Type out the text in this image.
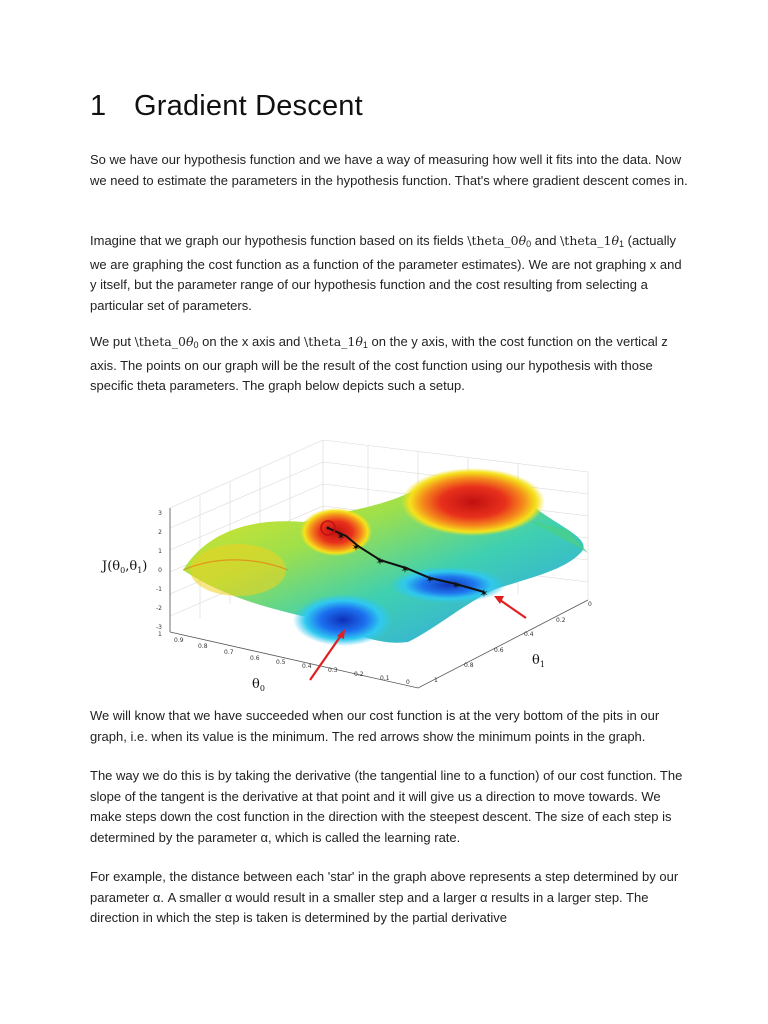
1 Gradient Descent

So we have our hypothesis function and we have a way of measuring how well it fits into the data. Now we need to estimate the parameters in the hypothesis function. That's where gradient descent comes in.

Imagine that we graph our hypothesis function based on its fields $\backslash theta\_0\theta_0$ and $\backslash theta\_1\theta_1$ (actually we are graphing the cost function as a function of the parameter estimates). We are not graphing x and y itself, but the parameter range of our hypothesis function and the cost resulting from selecting a particular set of parameters.

We put $\backslash theta\_0\theta_0$ on the x axis and $\backslash theta\_1\theta_1$ on the y axis, with the cost function on the vertical z axis. The points on our graph will be the result of the cost function using our hypothesis with those specific theta parameters. The graph below depicts such a setup.

✶
✶
✶
✶
✶ ✶
✶
3
2
1
0
-1
-2
-3
1
0.9
0.8
0.7
0.6
0.5
0.4
0.3
0.2
0.1
0
0
0.2
0.4
0.6
0.8
1
$J(\theta_0,\theta_1)$
$\theta_0$
$\theta_1$

We will know that we have succeeded when our cost function is at the very bottom of the pits in our graph, i.e. when its value is the minimum. The red arrows show the minimum points in the graph.

The way we do this is by taking the derivative (the tangential line to a function) of our cost function. The slope of the tangent is the derivative at that point and it will give us a direction to move towards. We make steps down the cost function in the direction with the steepest descent. The size of each step is determined by the parameter α, which is called the learning rate.

For example, the distance between each 'star' in the graph above represents a step determined by our parameter α. A smaller α would result in a smaller step and a larger α results in a larger step. The direction in which the step is taken is determined by the partial derivative
